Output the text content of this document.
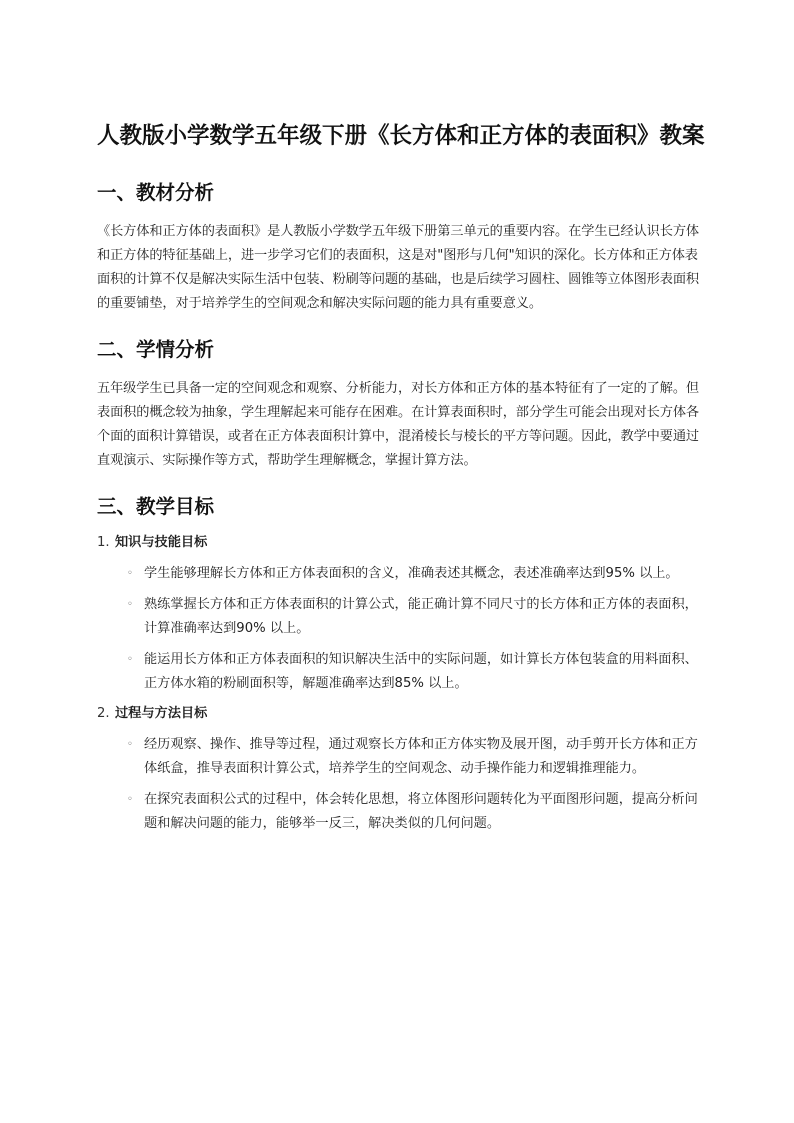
人教版小学数学五年级下册《长方体和正方体的表面积》教案
一、教材分析

《长方体和正方体的表面积》是人教版小学数学五年级下册第三单元的重要内容。在学生已经认识长方体和正方体的特征基础上，进一步学习它们的表面积，这是对"图形与几何"知识的深化。长方体和正方体表面积的计算不仅是解决实际生活中包装、粉刷等问题的基础，也是后续学习圆柱、圆锥等立体图形表面积的重要铺垫，对于培养学生的空间观念和解决实际问题的能力具有重要意义。

二、学情分析

五年级学生已具备一定的空间观念和观察、分析能力，对长方体和正方体的基本特征有了一定的了解。但表面积的概念较为抽象，学生理解起来可能存在困难。在计算表面积时，部分学生可能会出现对长方体各个面的面积计算错误，或者在正方体表面积计算中，混淆棱长与棱长的平方等问题。因此，教学中要通过直观演示、实际操作等方式，帮助学生理解概念，掌握计算方法。

三、教学目标
1. 知识与技能目标
◦ 学生能够理解长方体和正方体表面积的含义，准确表述其概念，表述准确率达到95% 以上。
◦ 熟练掌握长方体和正方体表面积的计算公式，能正确计算不同尺寸的长方体和正方体的表面积，计算准确率达到90% 以上。
◦ 能运用长方体和正方体表面积的知识解决生活中的实际问题，如计算长方体包装盒的用料面积、正方体水箱的粉刷面积等，解题准确率达到85% 以上。
2. 过程与方法目标
◦ 经历观察、操作、推导等过程，通过观察长方体和正方体实物及展开图，动手剪开长方体和正方体纸盒，推导表面积计算公式，培养学生的空间观念、动手操作能力和逻辑推理能力。
◦ 在探究表面积公式的过程中，体会转化思想，将立体图形问题转化为平面图形问题，提高分析问题和解决问题的能力，能够举一反三，解决类似的几何问题。
